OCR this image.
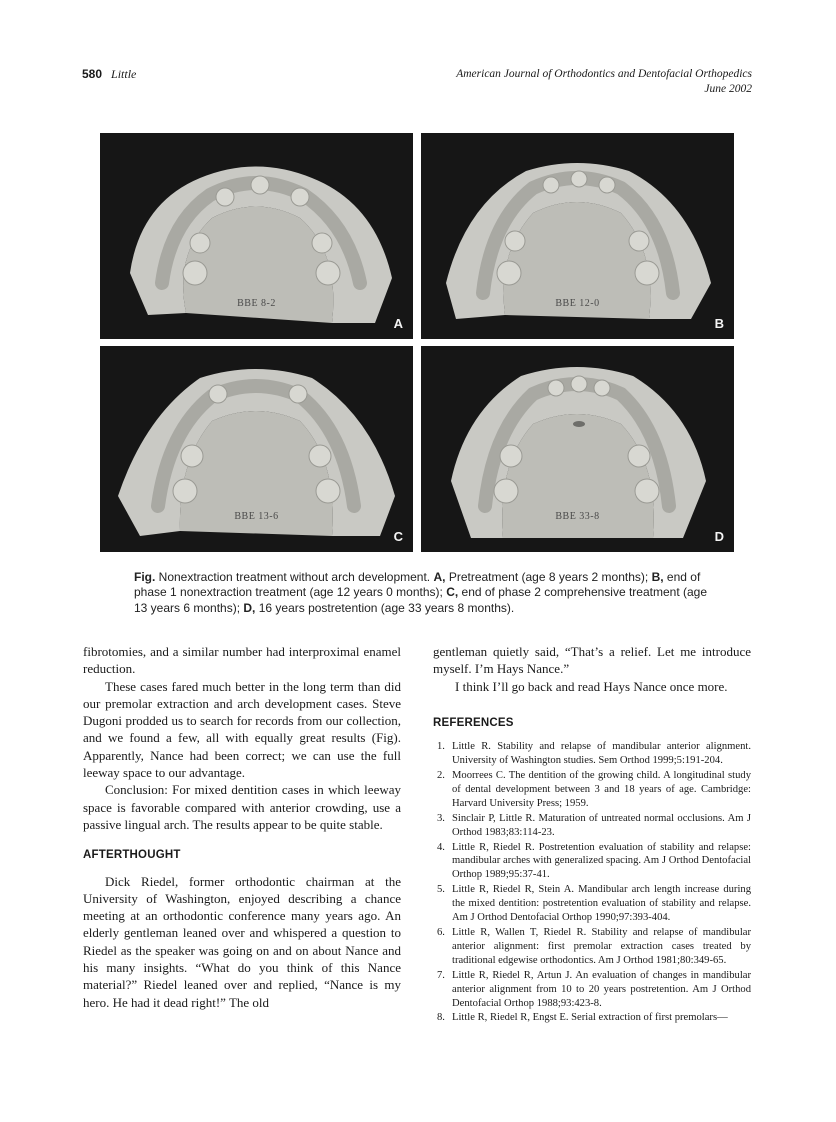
580 Little	American Journal of Orthodontics and Dentofacial Orthopedics
June 2002
BBE 8-2
A
BBE 12-0
B
BBE 13-6
C
BBE 33-8
D
Fig. Nonextraction treatment without arch development. A, Pretreatment (age 8 years 2 months); B, end of phase 1 nonextraction treatment (age 12 years 0 months); C, end of phase 2 comprehensive treatment (age 13 years 6 months); D, 16 years postretention (age 33 years 8 months).

fibrotomies, and a similar number had interproximal enamel reduction.

These cases fared much better in the long term than did our premolar extraction and arch development cases. Steve Dugoni prodded us to search for records from our collection, and we found a few, all with equally great results (Fig). Apparently, Nance had been correct; we can use the full leeway space to our advantage.

Conclusion: For mixed dentition cases in which leeway space is favorable compared with anterior crowding, use a passive lingual arch. The results appear to be quite stable.

AFTERTHOUGHT

Dick Riedel, former orthodontic chairman at the University of Washington, enjoyed describing a chance meeting at an orthodontic conference many years ago. An elderly gentleman leaned over and whispered a question to Riedel as the speaker was going on and on about Nance and his many insights. “What do you think of this Nance material?” Riedel leaned over and replied, “Nance is my hero. He had it dead right!” The old

gentleman quietly said, “That’s a relief. Let me introduce myself. I’m Hays Nance.”

I think I’ll go back and read Hays Nance once more.

REFERENCES
1. Little R. Stability and relapse of mandibular anterior alignment. University of Washington studies. Sem Orthod 1999;5:191-204.
2. Moorrees C. The dentition of the growing child. A longitudinal study of dental development between 3 and 18 years of age. Cambridge: Harvard University Press; 1959.
3. Sinclair P, Little R. Maturation of untreated normal occlusions. Am J Orthod 1983;83:114-23.
4. Little R, Riedel R. Postretention evaluation of stability and relapse: mandibular arches with generalized spacing. Am J Orthod Dentofacial Orthop 1989;95:37-41.
5. Little R, Riedel R, Stein A. Mandibular arch length increase during the mixed dentition: postretention evaluation of stability and relapse. Am J Orthod Dentofacial Orthop 1990;97:393-404.
6. Little R, Wallen T, Riedel R. Stability and relapse of mandibular anterior alignment: first premolar extraction cases treated by traditional edgewise orthodontics. Am J Orthod 1981;80:349-65.
7. Little R, Riedel R, Artun J. An evaluation of changes in mandibular anterior alignment from 10 to 20 years postretention. Am J Orthod Dentofacial Orthop 1988;93:423-8.
8. Little R, Riedel R, Engst E. Serial extraction of first premolars—
